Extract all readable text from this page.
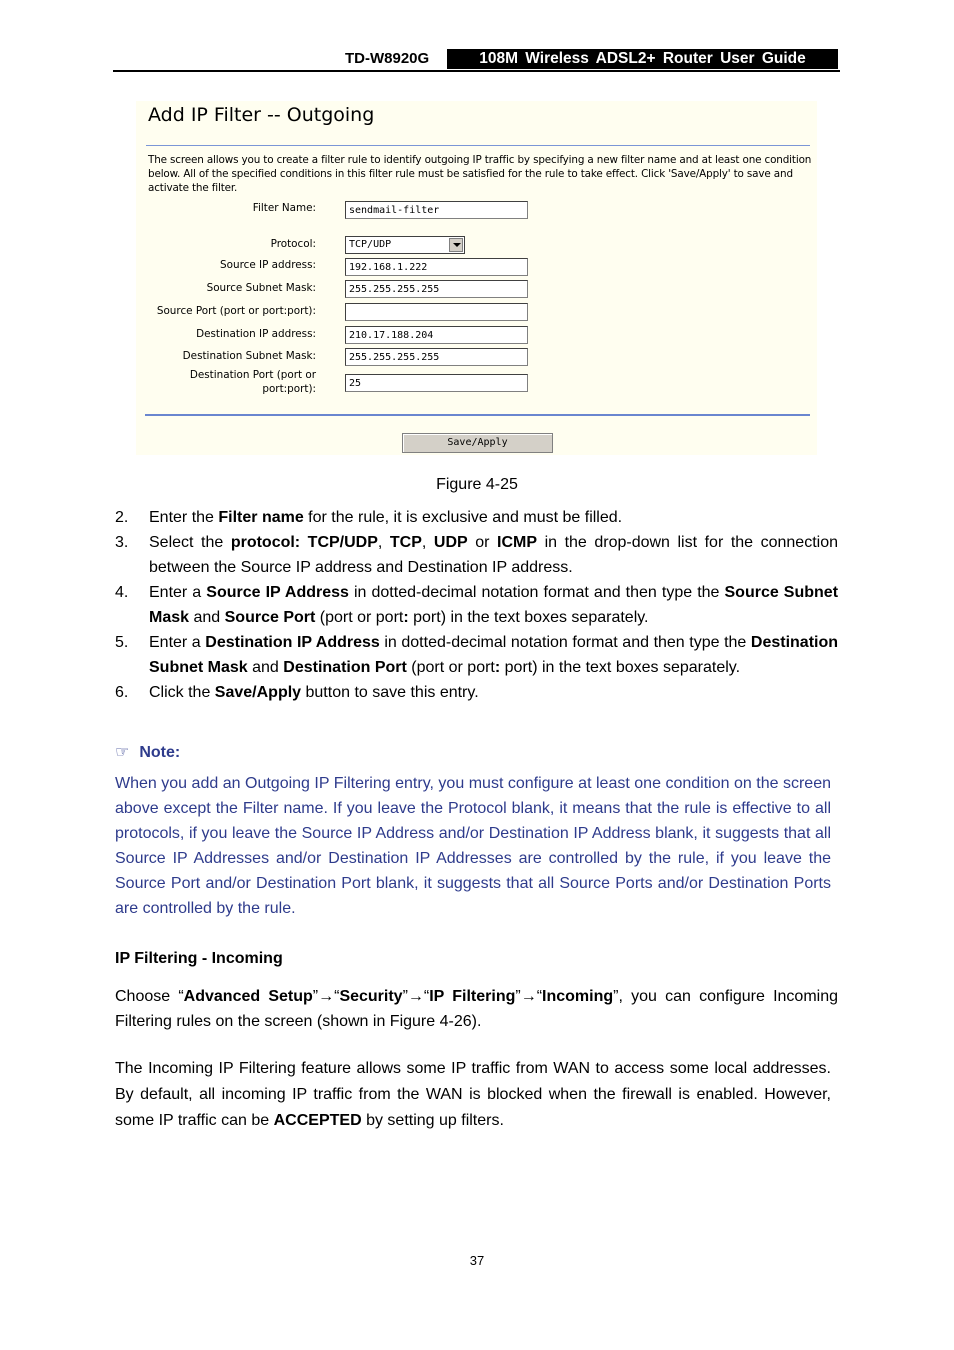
TD-W8920G	108M Wireless ADSL2+ Router User Guide
Add IP Filter -- Outgoing
The screen allows you to create a filter rule to identify outgoing IP traffic by specifying a new filter name and at least one condition below. All of the specified conditions in this filter rule must be satisfied for the rule to take effect. Click 'Save/Apply' to save and activate the filter.
Filter Name:	sendmail-filter
Protocol:	TCP/UDP
Source IP address:	192.168.1.222
Source Subnet Mask:	255.255.255.255
Source Port (port or port:port):
Destination IP address:	210.17.188.204
Destination Subnet Mask:	255.255.255.255
Destination Port (port or
port:port):	25
Save/Apply
Figure 4-25
2.	Enter the Filter name for the rule, it is exclusive and must be filled.
3.	Select the protocol: TCP/UDP, TCP, UDP or ICMP in the drop-down list for the connection between the Source IP address and Destination IP address.
4.	Enter a Source IP Address in dotted-decimal notation format and then type the Source Subnet Mask and Source Port (port or port: port) in the text boxes separately.
5.	Enter a Destination IP Address in dotted-decimal notation format and then type the Destination Subnet Mask and Destination Port (port or port: port) in the text boxes separately.
6.	Click the Save/Apply button to save this entry.
☞ Note:
When you add an Outgoing IP Filtering entry, you must configure at least one condition on the screen above except the Filter name. If you leave the Protocol blank, it means that the rule is effective to all protocols, if you leave the Source IP Address and/or Destination IP Address blank, it suggests that all Source IP Addresses and/or Destination IP Addresses are controlled by the rule, if you leave the Source Port and/or Destination Port blank, it suggests that all Source Ports and/or Destination Ports are controlled by the rule.
IP Filtering - Incoming
Choose “Advanced Setup”→“Security”→“IP Filtering”→“Incoming”, you can configure Incoming Filtering rules on the screen (shown in Figure 4-26).
The Incoming IP Filtering feature allows some IP traffic from WAN to access some local addresses. By default, all incoming IP traffic from the WAN is blocked when the firewall is enabled. However, some IP traffic can be ACCEPTED by setting up filters.
37
